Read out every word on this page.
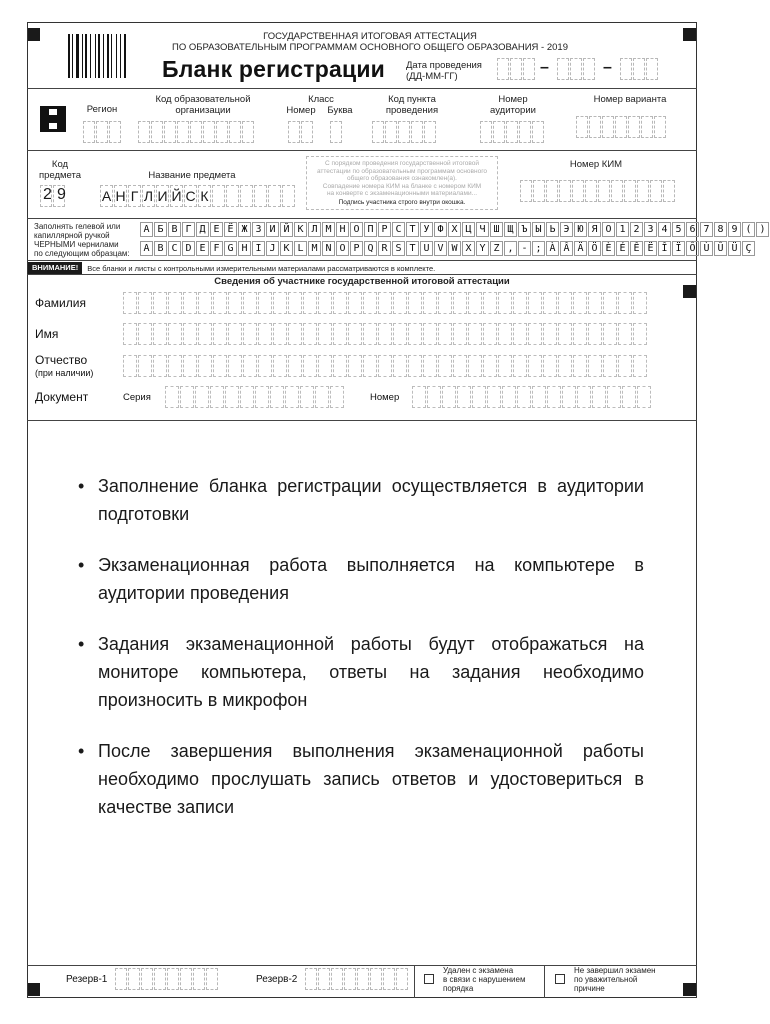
ГОСУДАРСТВЕННАЯ ИТОГОВАЯ АТТЕСТАЦИЯ
ПО ОБРАЗОВАТЕЛЬНЫМ ПРОГРАММАМ ОСНОВНОГО ОБЩЕГО ОБРАЗОВАНИЯ - 2019
Бланк регистрации Дата проведения
(ДД-ММ-ГГ)
–	–
Регион
Код образовательной
организации
Класс
Номер	Буква
Код пункта
проведения
Номер
аудитории
Номер варианта
Код
предмета
2 9
Название предмета
А Н Г Л И Й С К
С порядком проведения государственной итоговой
аттестации по образовательным программам основного
общего образования ознакомлен(а).
Совпадение номера КИМ на бланке с номером КИМ
на конверте с экзаменационными материалами...
Подпись участника строго внутри окошка.
Номер КИМ
Заполнять гелевой или
капиллярной ручкой
ЧЕРНЫМИ чернилами
по следующим образцам:
А Б В Г Д Е Ё Ж З И Й К Л М Н О П Р С Т У Ф Х Ц Ч Ш Щ Ъ Ы Ь Э Ю Я О 1 2 3 4 5 6 7 8 9 ( )
A B C D E F G H I J K L M N O P Q R S T U V W X Y Z , - ; À Â Ä Ö È É Ê Ë Î Ï Ô Ù Û Ü Ç
ВНИМАНИЕ!	Все бланки и листы с контрольными измерительными материалами рассматриваются в комплекте.
Сведения об участнике государственной итоговой аттестации
Фамилия
Имя
Отчество
(при наличии)
Документ	Серия	Номер
• Заполнение бланка регистрации осуществляется в аудитории подготовки
• Экзаменационная работа выполняется на компьютере в аудитории проведения
• Задания экзаменационной работы будут отображаться на мониторе компьютера, ответы на задания необходимо произносить в микрофон
• После завершения выполнения экзаменационной работы необходимо прослушать запись ответов и удостовериться в качестве записи
Резерв-1	Резерв-2
Удален с экзамена
в связи с нарушением
порядка
Не завершил экзамен
по уважительной
причине
